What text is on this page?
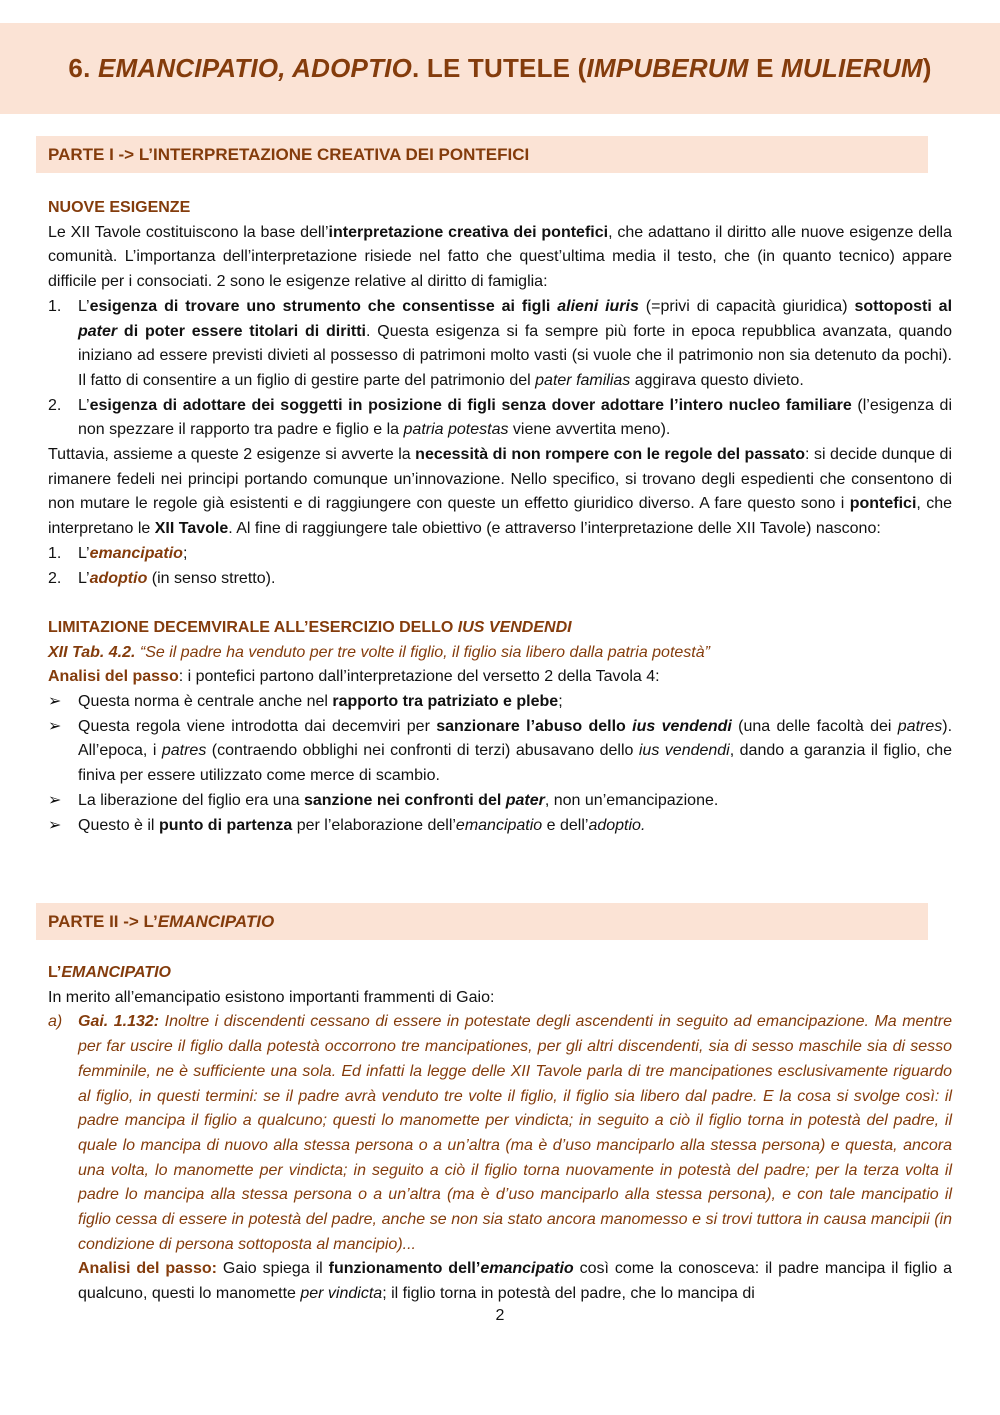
6. EMANCIPATIO, ADOPTIO. LE TUTELE (IMPUBERUM E MULIERUM)
PARTE I -> L’INTERPRETAZIONE CREATIVA DEI PONTEFICI
NUOVE ESIGENZE

Le XII Tavole costituiscono la base dell’interpretazione creativa dei pontefici, che adattano il diritto alle nuove esigenze della comunità. L’importanza dell’interpretazione risiede nel fatto che quest’ultima media il testo, che (in quanto tecnico) appare difficile per i consociati. 2 sono le esigenze relative al diritto di famiglia:

1.	L’esigenza di trovare uno strumento che consentisse ai figli alieni iuris (=privi di capacità giuridica) sottoposti al pater di poter essere titolari di diritti. Questa esigenza si fa sempre più forte in epoca repubblica avanzata, quando iniziano ad essere previsti divieti al possesso di patrimoni molto vasti (si vuole che il patrimonio non sia detenuto da pochi). Il fatto di consentire a un figlio di gestire parte del patrimonio del pater familias aggirava questo divieto.
2.	L’esigenza di adottare dei soggetti in posizione di figli senza dover adottare l’intero nucleo familiare (l’esigenza di non spezzare il rapporto tra padre e figlio e la patria potestas viene avvertita meno).

Tuttavia, assieme a queste 2 esigenze si avverte la necessità di non rompere con le regole del passato: si decide dunque di rimanere fedeli nei principi portando comunque un’innovazione. Nello specifico, si trovano degli espedienti che consentono di non mutare le regole già esistenti e di raggiungere con queste un effetto giuridico diverso. A fare questo sono i pontefici, che interpretano le XII Tavole. Al fine di raggiungere tale obiettivo (e attraverso l’interpretazione delle XII Tavole) nascono:

1.	L’emancipatio;
2.	L’adoptio (in senso stretto).
LIMITAZIONE DECEMVIRALE ALL’ESERCIZIO DELLO IUS VENDENDI
XII Tab. 4.2. “Se il padre ha venduto per tre volte il figlio, il figlio sia libero dalla patria potestà”
Analisi del passo: i pontefici partono dall’interpretazione del versetto 2 della Tavola 4:
➢	Questa norma è centrale anche nel rapporto tra patriziato e plebe;
➢	Questa regola viene introdotta dai decemviri per sanzionare l’abuso dello ius vendendi (una delle facoltà dei patres). All’epoca, i patres (contraendo obblighi nei confronti di terzi) abusavano dello ius vendendi, dando a garanzia il figlio, che finiva per essere utilizzato come merce di scambio.
➢	La liberazione del figlio era una sanzione nei confronti del pater, non un’emancipazione.
➢	Questo è il punto di partenza per l’elaborazione dell’emancipatio e dell’adoptio.
PARTE II -> L’EMANCIPATIO
L’EMANCIPATIO
In merito all’emancipatio esistono importanti frammenti di Gaio:
a) Gai. 1.132: Inoltre i discendenti cessano di essere in potestate degli ascendenti in seguito ad emancipazione. Ma mentre per far uscire il figlio dalla potestà occorrono tre mancipationes, per gli altri discendenti, sia di sesso maschile sia di sesso femminile, ne è sufficiente una sola. Ed infatti la legge delle XII Tavole parla di tre mancipationes esclusivamente riguardo al figlio, in questi termini: se il padre avrà venduto tre volte il figlio, il figlio sia libero dal padre. E la cosa si svolge così: il padre mancipa il figlio a qualcuno; questi lo manomette per vindicta; in seguito a ciò il figlio torna in potestà del padre, il quale lo mancipa di nuovo alla stessa persona o a un’altra (ma è d’uso manciparlo alla stessa persona) e questa, ancora una volta, lo manomette per vindicta; in seguito a ciò il figlio torna nuovamente in potestà del padre; per la terza volta il padre lo mancipa alla stessa persona o a un’altra (ma è d’uso manciparlo alla stessa persona), e con tale mancipatio il figlio cessa di essere in potestà del padre, anche se non sia stato ancora manomesso e si trovi tuttora in causa mancipii (in condizione di persona sottoposta al mancipio)...
Analisi del passo: Gaio spiega il funzionamento dell’emancipatio così come la conosceva: il padre mancipa il figlio a qualcuno, questi lo manomette per vindicta; il figlio torna in potestà del padre, che lo mancipa di
2
